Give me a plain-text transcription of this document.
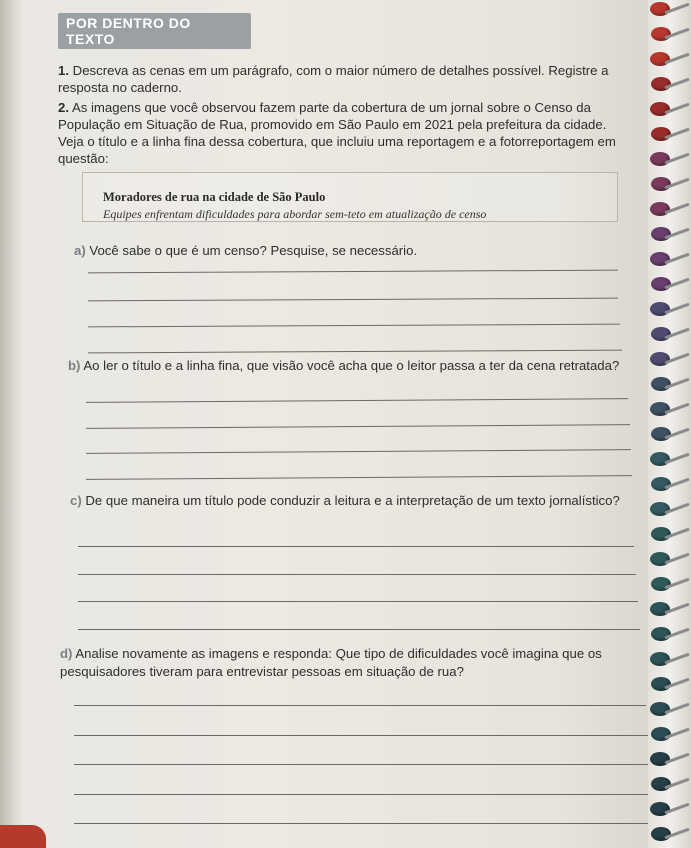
POR DENTRO DO TEXTO
1. Descreva as cenas em um parágrafo, com o maior número de detalhes possível. Registre a resposta no caderno.
2. As imagens que você observou fazem parte da cobertura de um jornal sobre o Censo da População em Situação de Rua, promovido em São Paulo em 2021 pela prefeitura da cidade. Veja o título e a linha fina dessa cobertura, que incluiu uma reportagem e a fotorreportagem em questão:
Moradores de rua na cidade de São Paulo
Equipes enfrentam dificuldades para abordar sem-teto em atualização de censo
a) Você sabe o que é um censo? Pesquise, se necessário.
b) Ao ler o título e a linha fina, que visão você acha que o leitor passa a ter da cena retratada?
c) De que maneira um título pode conduzir a leitura e a interpretação de um texto jornalístico?
d) Analise novamente as imagens e responda: Que tipo de dificuldades você imagina que os pesquisadores tiveram para entrevistar pessoas em situação de rua?
